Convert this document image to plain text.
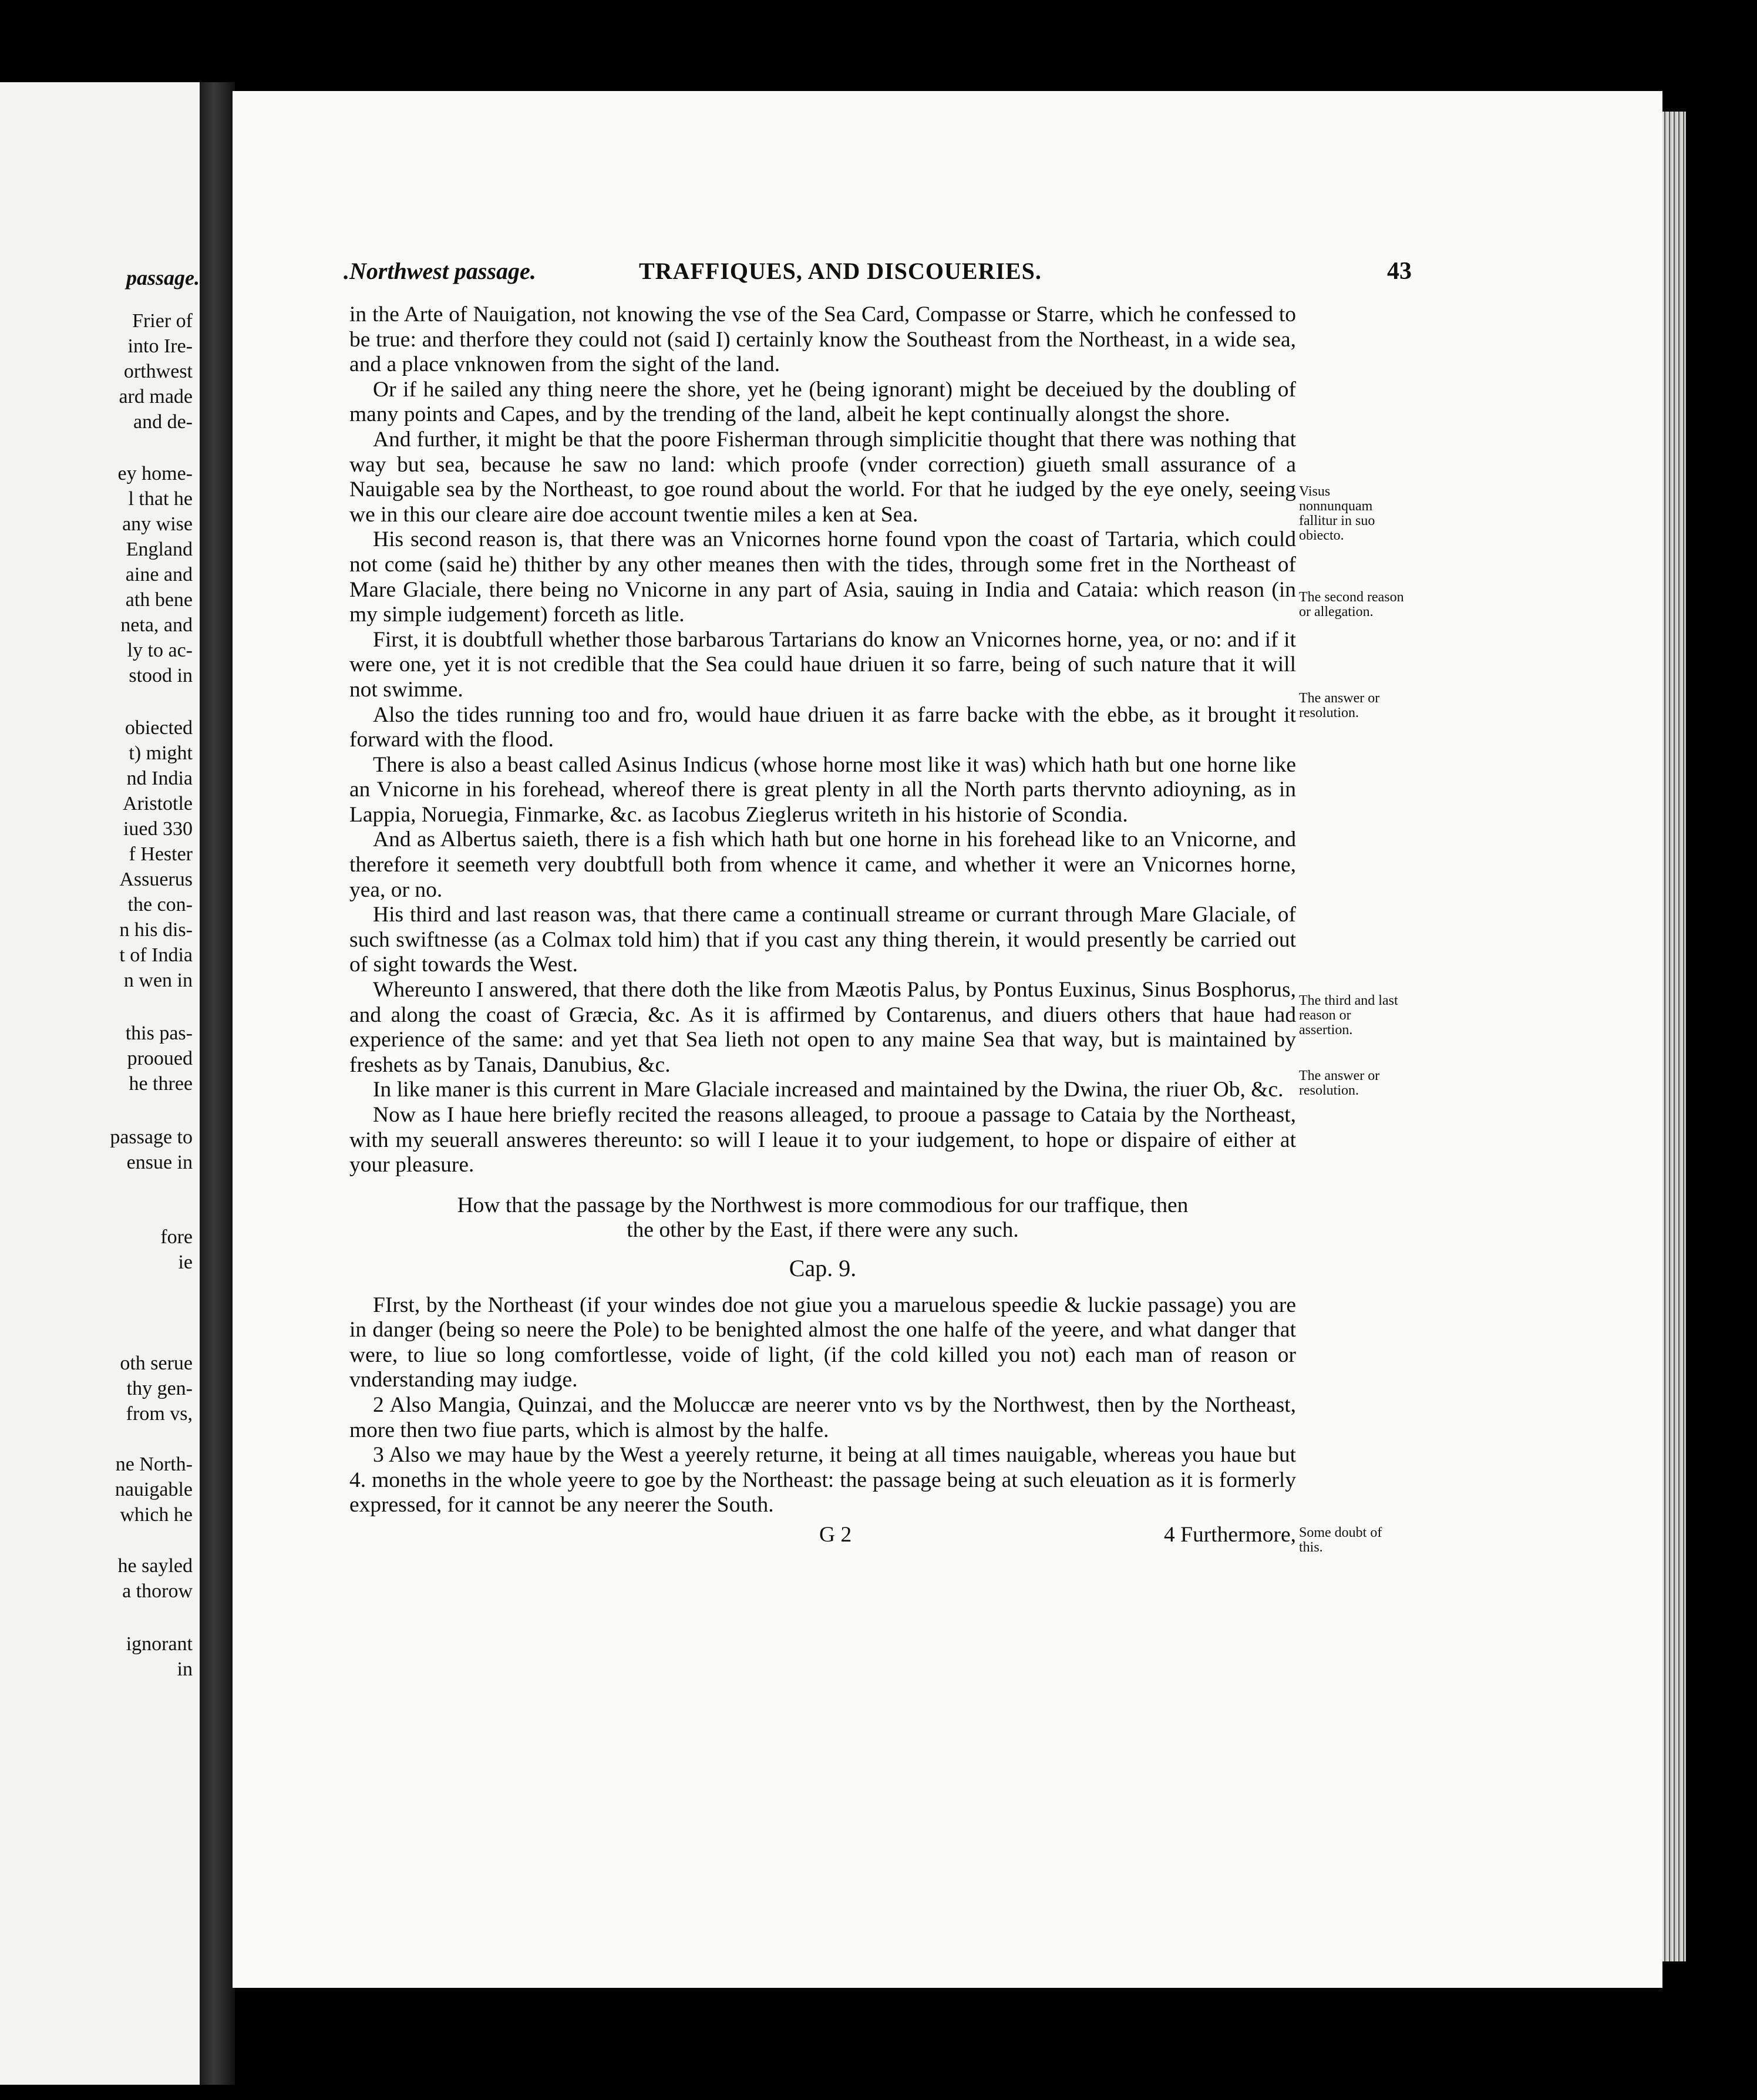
passage.
Frier of
into Ire-
orthwest
ard made
and de-
ey home-
l that he
any wise
England
aine and
ath bene
neta, and
ly to ac-
stood in
obiected
t) might
nd India
Aristotle
iued 330
f Hester
Assuerus
the con-
n his dis-
t of India
n wen in
this pas-
prooued
he three
passage to
ensue in
fore
ie
oth serue
thy gen-
from vs,
ne North-
nauigable
which he
he sayled
a thorow
ignorant
in
.Northwest passage.	TRAFFIQUES, AND DISCOUERIES.	43

in the Arte of Nauigation, not knowing the vse of the Sea Card, Compasse or Starre, which he confessed to be true: and therfore they could not (said I) certainly know the Southeast from the Northeast, in a wide sea, and a place vnknowen from the sight of the land.

Or if he sailed any thing neere the shore, yet he (being ignorant) might be deceiued by the doubling of many points and Capes, and by the trending of the land, albeit he kept continually alongst the shore.

And further, it might be that the poore Fisherman through simplicitie thought that there was nothing that way but sea, because he saw no land: which proofe (vnder correction) giueth small assurance of a Nauigable sea by the Northeast, to goe round about the world. For that he iudged by the eye onely, seeing we in this our cleare aire doe account twentie miles a ken at Sea.

His second reason is, that there was an Vnicornes horne found vpon the coast of Tartaria, which could not come (said he) thither by any other meanes then with the tides, through some fret in the Northeast of Mare Glaciale, there being no Vnicorne in any part of Asia, sauing in India and Cataia: which reason (in my simple iudgement) forceth as litle.

First, it is doubtfull whether those barbarous Tartarians do know an Vnicornes horne, yea, or no: and if it were one, yet it is not credible that the Sea could haue driuen it so farre, being of such nature that it will not swimme.

Also the tides running too and fro, would haue driuen it as farre backe with the ebbe, as it brought it forward with the flood.

There is also a beast called Asinus Indicus (whose horne most like it was) which hath but one horne like an Vnicorne in his forehead, whereof there is great plenty in all the North parts thervnto adioyning, as in Lappia, Noruegia, Finmarke, &c. as Iacobus Zieglerus writeth in his historie of Scondia.

And as Albertus saieth, there is a fish which hath but one horne in his forehead like to an Vnicorne, and therefore it seemeth very doubtfull both from whence it came, and whether it were an Vnicornes horne, yea, or no.

His third and last reason was, that there came a continuall streame or currant through Mare Glaciale, of such swiftnesse (as a Colmax told him) that if you cast any thing therein, it would presently be carried out of sight towards the West.

Whereunto I answered, that there doth the like from Mæotis Palus, by Pontus Euxinus, Sinus Bosphorus, and along the coast of Græcia, &c. As it is affirmed by Contarenus, and diuers others that haue had experience of the same: and yet that Sea lieth not open to any maine Sea that way, but is maintained by freshets as by Tanais, Danubius, &c.

In like maner is this current in Mare Glaciale increased and maintained by the Dwina, the riuer Ob, &c.

Now as I haue here briefly recited the reasons alleaged, to prooue a passage to Cataia by the Northeast, with my seuerall answeres thereunto: so will I leaue it to your iudgement, to hope or dispaire of either at your pleasure.

How that the passage by the Northwest is more commodious for our traffique, then

the other by the East, if there were any such.

Cap. 9.

FIrst, by the Northeast (if your windes doe not giue you a maruelous speedie & luckie passage) you are in danger (being so neere the Pole) to be benighted almost the one halfe of the yeere, and what danger that were, to liue so long comfortlesse, voide of light, (if the cold killed you not) each man of reason or vnderstanding may iudge.

2 Also Mangia, Quinzai, and the Moluccæ are neerer vnto vs by the Northwest, then by the Northeast, more then two fiue parts, which is almost by the halfe.

3 Also we may haue by the West a yeerely returne, it being at all times nauigable, whereas you haue but 4. moneths in the whole yeere to goe by the Northeast: the passage being at such eleuation as it is formerly expressed, for it cannot be any neerer the South.

G 2	4 Furthermore,
Visus nonnunquam fallitur in suo obiecto.
The second reason or allegation.
The answer or resolution.
The third and last reason or assertion.
The answer or resolution.
Some doubt of this.
